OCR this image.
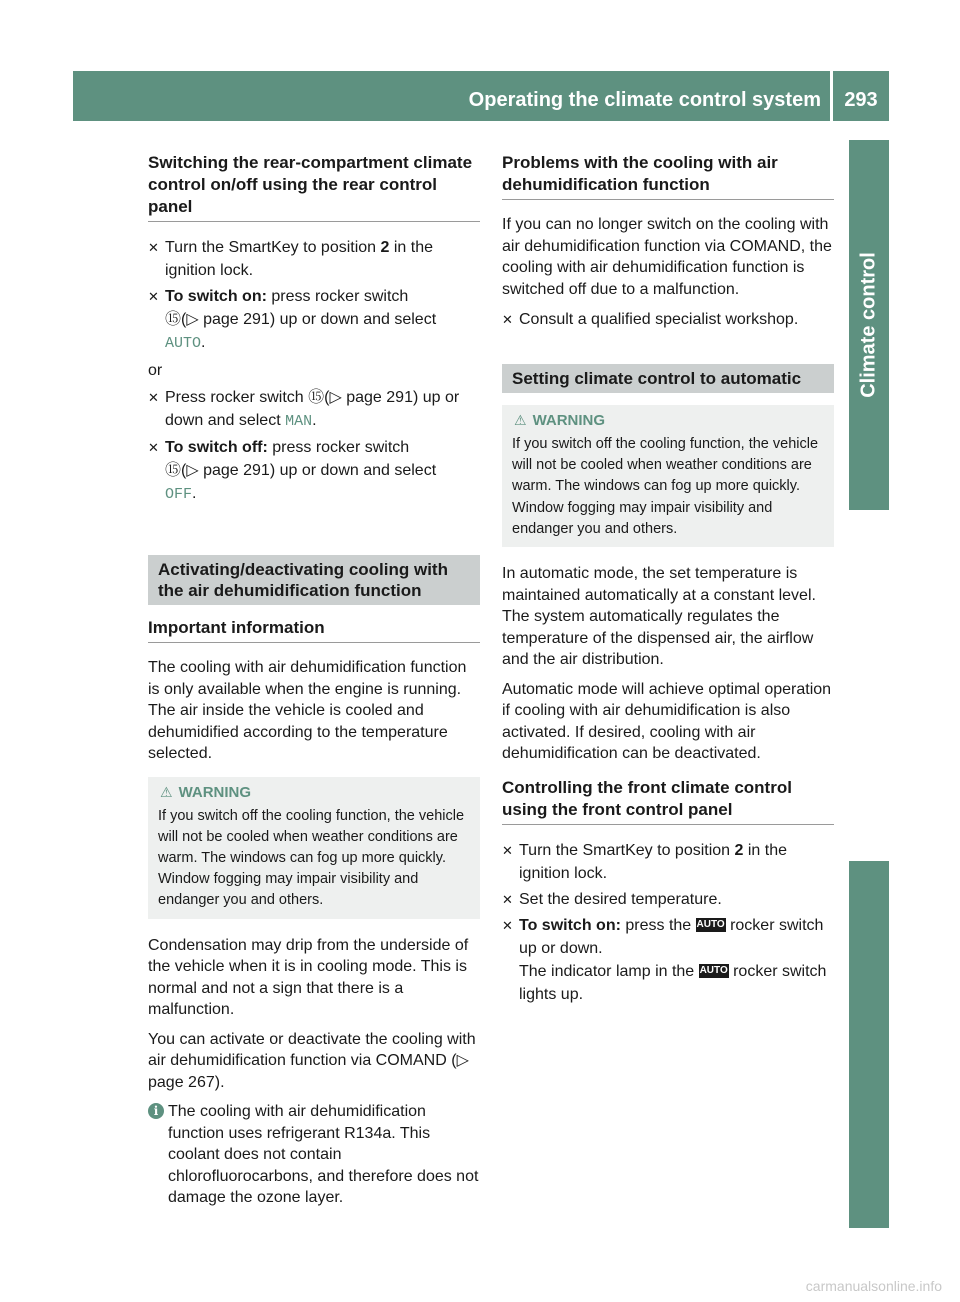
Operating the climate control system	293
Climate control
Switching the rear-compartment climate control on/off using the rear control panel
✕ Turn the SmartKey to position 2 in the ignition lock.
✕ To switch on: press rocker switch
⑮(▷ page 291) up or down and select
AUTO.
or
✕ Press rocker switch ⑮(▷ page 291) up or down and select MAN.
✕ To switch off: press rocker switch
⑮(▷ page 291) up or down and select
OFF.
Activating/deactivating cooling with the air dehumidification function
Important information

The cooling with air dehumidification function is only available when the engine is running. The air inside the vehicle is cooled and dehumidified according to the temperature selected.

⚠ WARNING
If you switch off the cooling function, the vehicle will not be cooled when weather conditions are warm. The windows can fog up more quickly. Window fogging may impair visibility and endanger you and others.

Condensation may drip from the underside of the vehicle when it is in cooling mode. This is normal and not a sign that there is a malfunction.

You can activate or deactivate the cooling with air dehumidification function via COMAND (▷ page 267).

i The cooling with air dehumidification function uses refrigerant R134a. This coolant does not contain chlorofluorocarbons, and therefore does not damage the ozone layer.
Problems with the cooling with air dehumidification function

If you can no longer switch on the cooling with air dehumidification function via COMAND, the cooling with air dehumidification function is switched off due to a malfunction.

✕ Consult a qualified specialist workshop.
Setting climate control to automatic
⚠ WARNING
If you switch off the cooling function, the vehicle will not be cooled when weather conditions are warm. The windows can fog up more quickly. Window fogging may impair visibility and endanger you and others.

In automatic mode, the set temperature is maintained automatically at a constant level. The system automatically regulates the temperature of the dispensed air, the airflow and the air distribution.

Automatic mode will achieve optimal operation if cooling with air dehumidification is also activated. If desired, cooling with air dehumidification can be deactivated.

Controlling the front climate control using the front control panel
✕ Turn the SmartKey to position 2 in the ignition lock.
✕ Set the desired temperature.
✕ To switch on: press the AUTO rocker switch up or down.
The indicator lamp in the AUTO rocker switch lights up.
carmanualsonline.info
